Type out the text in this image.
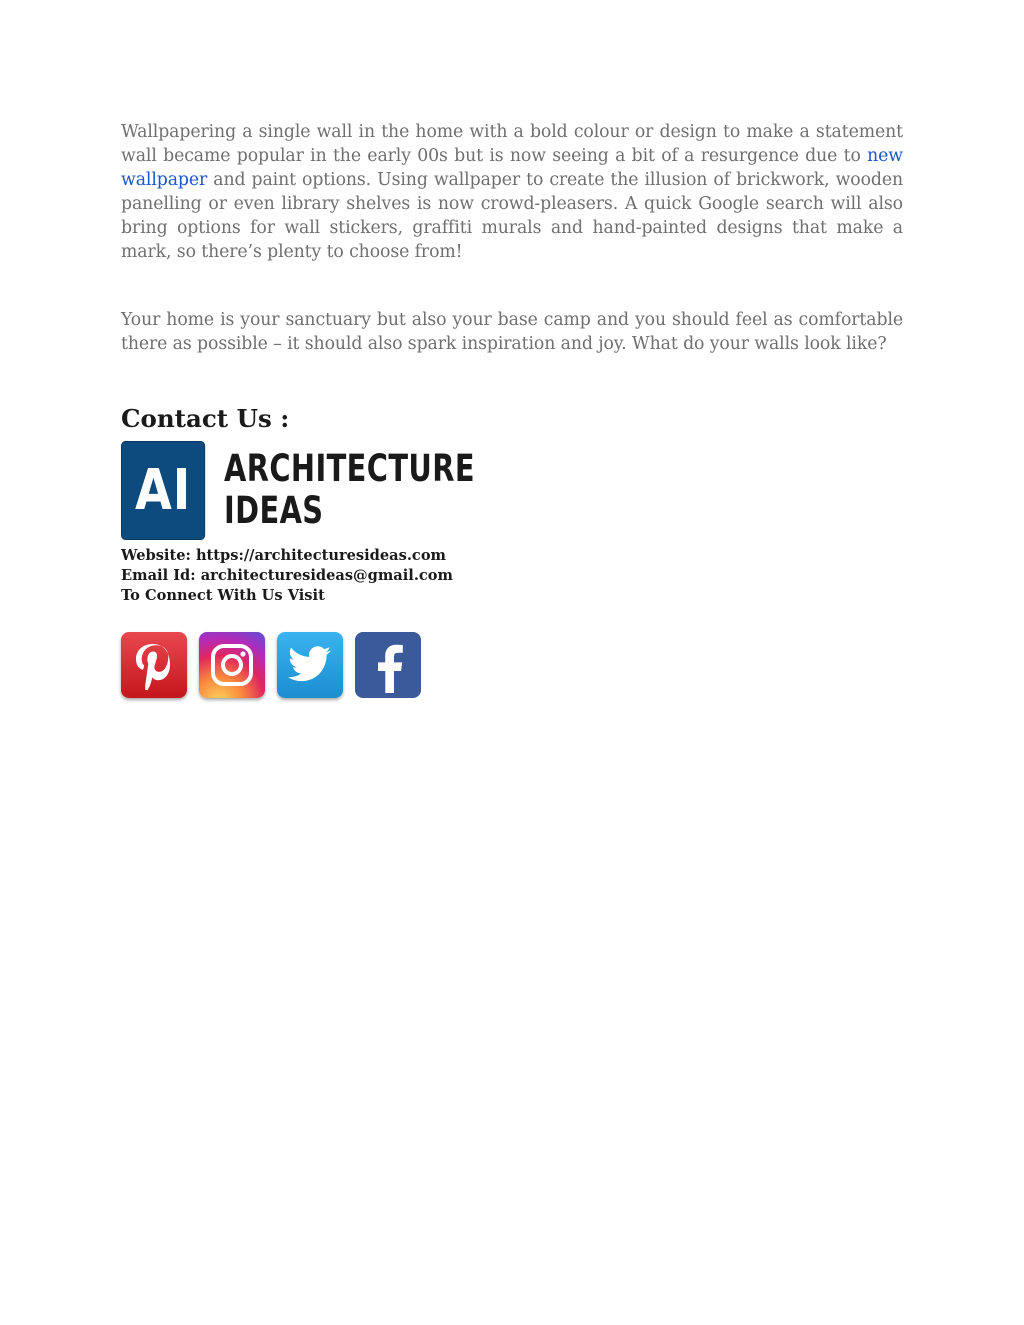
Wallpapering a single wall in the home with a bold colour or design to make a statement wall became popular in the early 00s but is now seeing a bit of a resurgence due to new wallpaper and paint options. Using wallpaper to create the illusion of brickwork, wooden panelling or even library shelves is now crowd-pleasers. A quick Google search will also bring options for wall stickers, graffiti murals and hand-painted designs that make a mark, so there’s plenty to choose from!

Your home is your sanctuary but also your base camp and you should feel as comfortable there as possible – it should also spark inspiration and joy. What do your walls look like?

Contact Us :
AI ARCHITECTURE
IDEAS
Website: https://architecturesideas.com
Email Id: architecturesideas@gmail.com
To Connect With Us Visit
